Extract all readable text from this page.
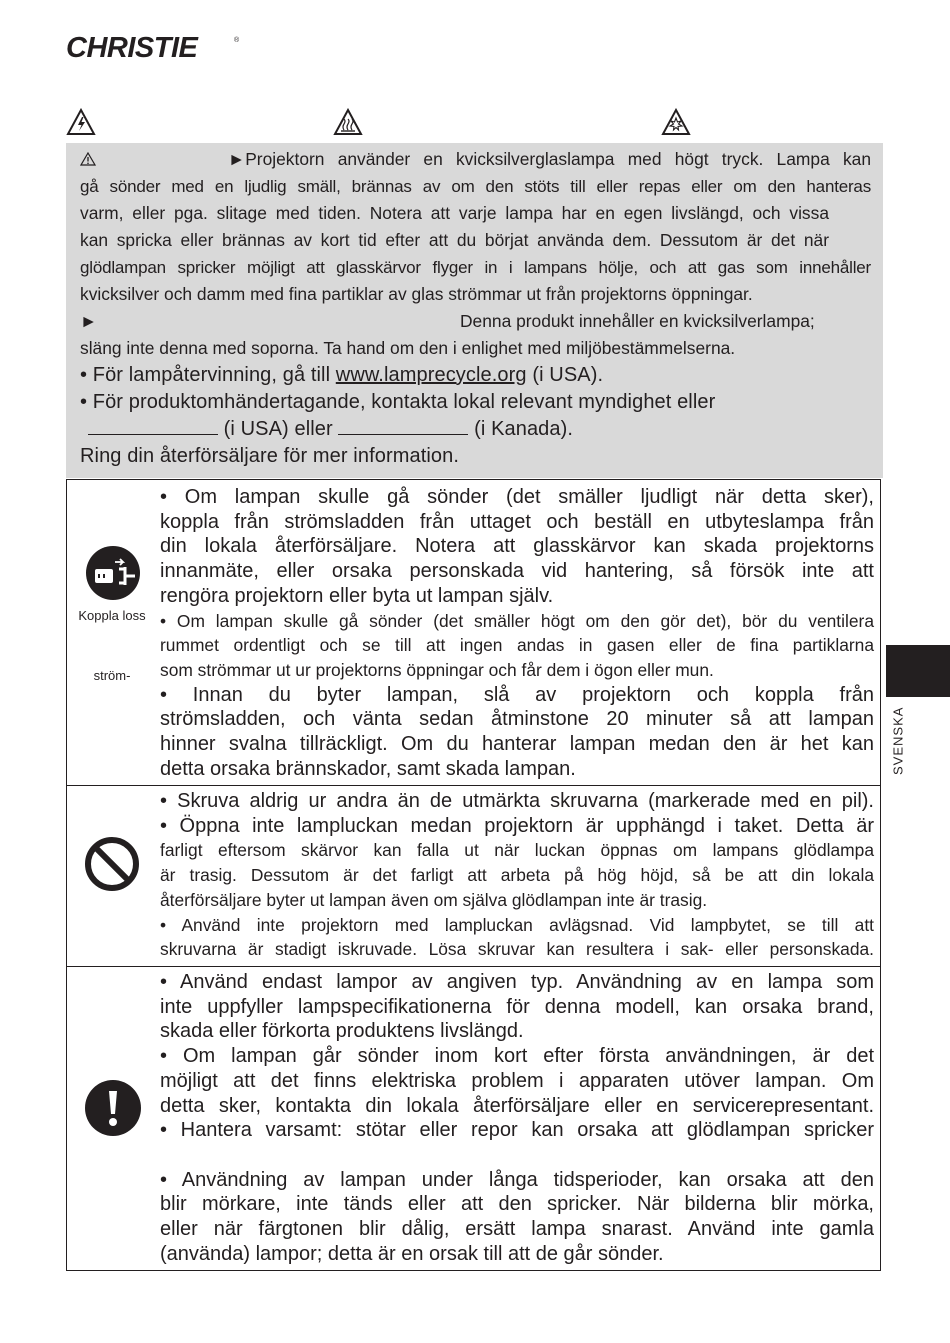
CHRISTIE	®

►Projektorn använder en kvicksilverglaslampa med högt tryck. Lampa kan

gå sönder med en ljudlig smäll, brännas av om den stöts till eller repas eller om den hanteras

varm, eller pga. slitage med tiden. Notera att varje lampa har en egen livslängd, och vissa

kan spricka eller brännas av kort tid efter att du börjat använda dem. Dessutom är det när

glödlampan spricker möjligt att glasskärvor flyger in i lampans hölje, och att gas som innehåller

kvicksilver och damm med fina partiklar av glas strömmar ut från projektorns öppningar.

►	Denna produkt innehåller en kvicksilverlampa;

släng inte denna med soporna. Ta hand om den i enlighet med miljöbestämmelserna.

• För lampåtervinning, gå till www.lamprecycle.org (i USA).

• För produktomhändertagande, kontakta lokal relevant myndighet eller

(i USA) eller	(i Kanada).

Ring din återförsäljare för mer information.

Koppla loss
ström-

• Om lampan skulle gå sönder (det smäller ljudligt när detta sker),

koppla från strömsladden från uttaget och beställ en utbyteslampa från

din lokala återförsäljare. Notera att glasskärvor kan skada projektorns

innanmäte, eller orsaka personskada vid hantering, så försök inte att

rengöra projektorn eller byta ut lampan själv.

• Om lampan skulle gå sönder (det smäller högt om den gör det), bör du ventilera

rummet ordentligt och se till att ingen andas in gasen eller de fina partiklarna

som strömmar ut ur projektorns öppningar och får dem i ögon eller mun.

• Innan du byter lampan, slå av projektorn och koppla från

strömsladden, och vänta sedan åtminstone 20 minuter så att lampan

hinner svalna tillräckligt. Om du hanterar lampan medan den är het kan

detta orsaka brännskador, samt skada lampan.

• Skruva aldrig ur andra än de utmärkta skruvarna (markerade med en pil).

• Öppna inte lampluckan medan projektorn är upphängd i taket. Detta är

farligt eftersom skärvor kan falla ut när luckan öppnas om lampans glödlampa

är trasig. Dessutom är det farligt att arbeta på hög höjd, så be att din lokala

återförsäljare byter ut lampan även om själva glödlampan inte är trasig.

• Använd inte projektorn med lampluckan avlägsnad. Vid lampbytet, se till att

skruvarna är stadigt iskruvade. Lösa skruvar kan resultera i sak- eller personskada.

• Använd endast lampor av angiven typ. Användning av en lampa som

inte uppfyller lampspecifikationerna för denna modell, kan orsaka brand,

skada eller förkorta produktens livslängd.

• Om lampan går sönder inom kort efter första användningen, är det

möjligt att det finns elektriska problem i apparaten utöver lampan. Om

detta sker, kontakta din lokala återförsäljare eller en servicerepresentant.

• Hantera varsamt: stötar eller repor kan orsaka att glödlampan spricker

• Användning av lampan under långa tidsperioder, kan orsaka att den

blir mörkare, inte tänds eller att den spricker. När bilderna blir mörka,

eller när färgtonen blir dålig, ersätt lampa snarast. Använd inte gamla

(använda) lampor; detta är en orsak till att de går sönder.

SVENSKA
